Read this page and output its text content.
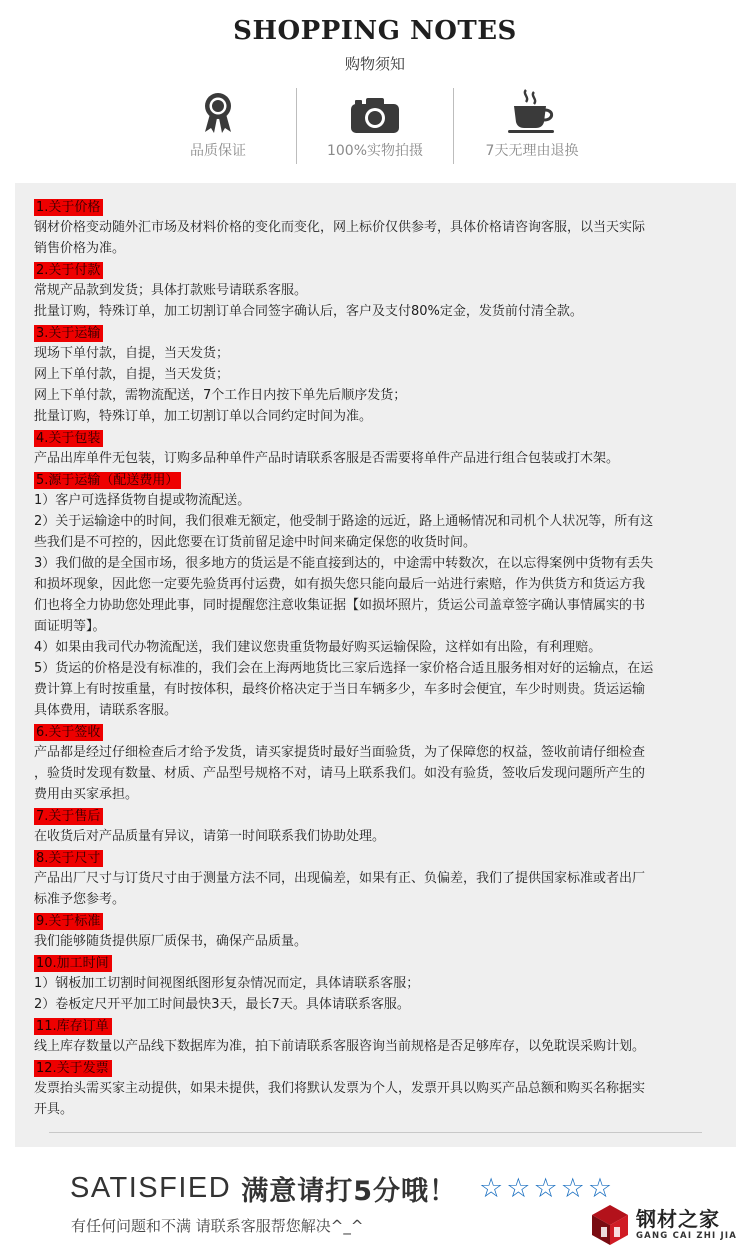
SHOPPING NOTES
购物须知
品质保证	100%实物拍摄	7天无理由退换
1.关于价格

钢材价格变动随外汇市场及材料价格的变化而变化，网上标价仅供参考，具体价格请咨询客服，以当天实际

销售价格为准。

2.关于付款

常规产品款到发货；具体打款账号请联系客服。

批量订购，特殊订单，加工切割订单合同签字确认后，客户及支付80%定金，发货前付清全款。

3.关于运输

现场下单付款，自提，当天发货；

网上下单付款，自提，当天发货；

网上下单付款，需物流配送，7个工作日内按下单先后顺序发货；

批量订购，特殊订单，加工切割订单以合同约定时间为准。

4.关于包装

产品出库单件无包装，订购多品种单件产品时请联系客服是否需要将单件产品进行组合包装或打木架。

5.源于运输（配送费用）

1）客户可选择货物自提或物流配送。

2）关于运输途中的时间，我们很难无额定，他受制于路途的远近，路上通畅情况和司机个人状况等，所有这

些我们是不可控的，因此您要在订货前留足途中时间来确定保您的收货时间。

3）我们做的是全国市场，很多地方的货运是不能直接到达的，中途需中转数次，在以忘得案例中货物有丢失

和损坏现象，因此您一定要先验货再付运费，如有损失您只能向最后一站进行索赔，作为供货方和货运方我

们也将全力协助您处理此事，同时提醒您注意收集证据【如损坏照片，货运公司盖章签字确认事情属实的书

面证明等】。

4）如果由我司代办物流配送，我们建议您贵重货物最好购买运输保险，这样如有出险，有利理赔。

5）货运的价格是没有标准的，我们会在上海两地货比三家后选择一家价格合适且服务相对好的运输点，在运

费计算上有时按重量，有时按体积，最终价格决定于当日车辆多少，车多时会便宜，车少时则贵。货运运输

具体费用，请联系客服。

6.关于签收

产品都是经过仔细检查后才给予发货，请买家提货时最好当面验货，为了保障您的权益，签收前请仔细检查

，验货时发现有数量、材质、产品型号规格不对，请马上联系我们。如没有验货，签收后发现问题所产生的

费用由买家承担。

7.关于售后

在收货后对产品质量有异议，请第一时间联系我们协助处理。

8.关于尺寸

产品出厂尺寸与订货尺寸由于测量方法不同，出现偏差，如果有正、负偏差，我们了提供国家标准或者出厂

标准予您参考。

9.关于标准

我们能够随货提供原厂质保书，确保产品质量。

10.加工时间

1）钢板加工切割时间视图纸图形复杂情况而定，具体请联系客服；

2）卷板定尺开平加工时间最快3天，最长7天。具体请联系客服。

11.库存订单

线上库存数量以产品线下数据库为准，拍下前请联系客服咨询当前规格是否足够库存，以免耽误采购计划。

12.关于发票

发票抬头需买家主动提供，如果未提供，我们将默认发票为个人，发票开具以购买产品总额和购买名称据实

开具。

SATISFIED 满意请打5分哦！ ☆ ☆ ☆ ☆ ☆
有任何问题和不满 请联系客服帮您解决^_^	钢材之家
GANG CAI ZHI JIA
